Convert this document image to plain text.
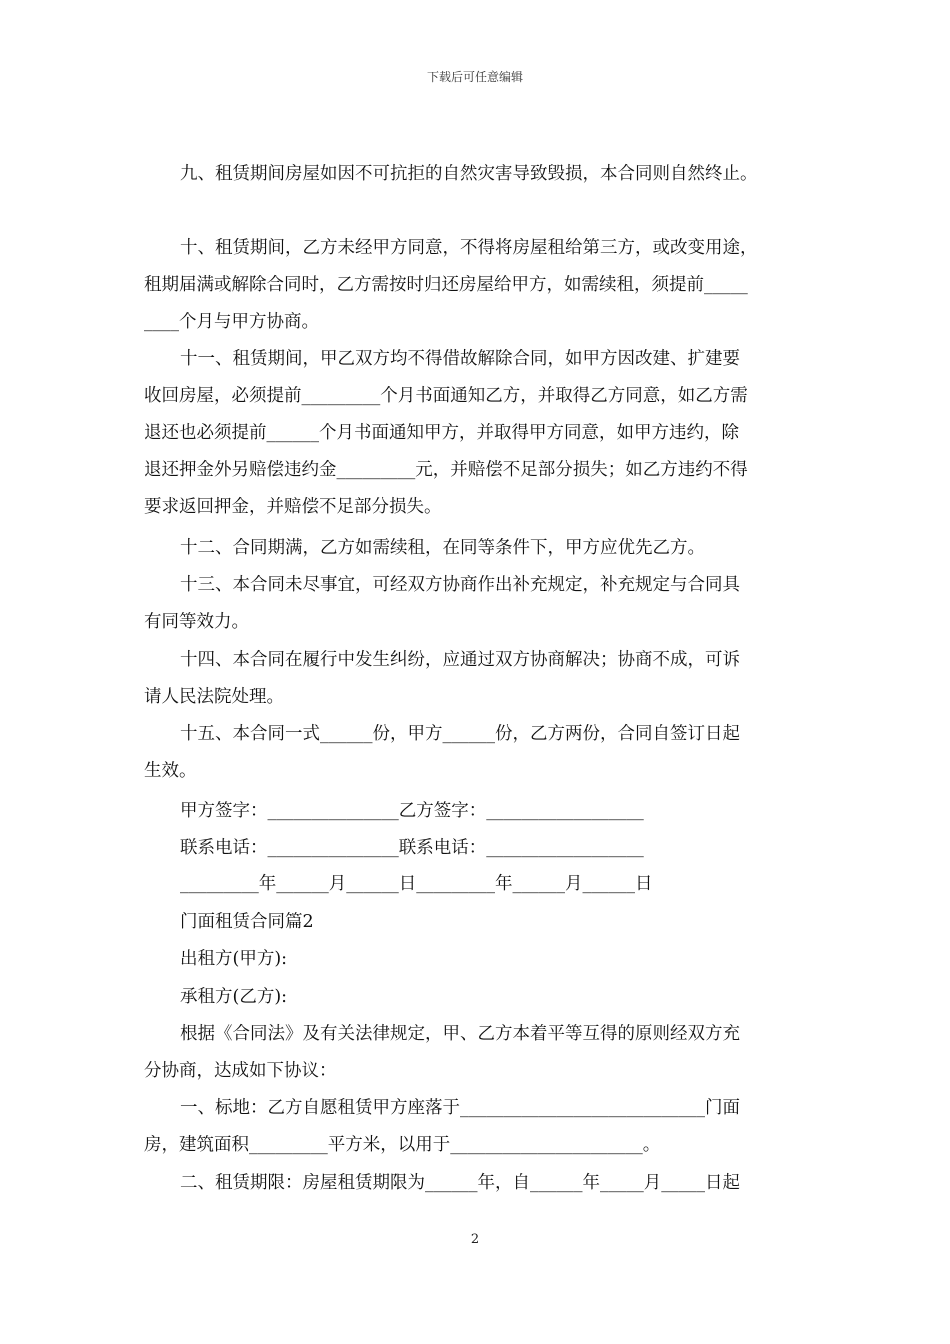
下载后可任意编辑
九、租赁期间房屋如因不可抗拒的自然灾害导致毁损，本合同则自然终止。
十、租赁期间，乙方未经甲方同意，不得将房屋租给第三方，或改变用途，
租期届满或解除合同时，乙方需按时归还房屋给甲方，如需续租，须提前_____
____个月与甲方协商。
十一、租赁期间，甲乙双方均不得借故解除合同，如甲方因改建、扩建要
收回房屋，必须提前_________个月书面通知乙方，并取得乙方同意，如乙方需
退还也必须提前______个月书面通知甲方，并取得甲方同意，如甲方违约，除
退还押金外另赔偿违约金_________元，并赔偿不足部分损失；如乙方违约不得
要求返回押金，并赔偿不足部分损失。
十二、合同期满，乙方如需续租，在同等条件下，甲方应优先乙方。
十三、本合同未尽事宜，可经双方协商作出补充规定，补充规定与合同具
有同等效力。
十四、本合同在履行中发生纠纷，应通过双方协商解决；协商不成，可诉
请人民法院处理。
十五、本合同一式______份，甲方______份，乙方两份，合同自签订日起
生效。
甲方签字：_______________乙方签字：__________________
联系电话：_______________联系电话：__________________
_________年______月______日_________年______月______日
门面租赁合同篇2
出租方(甲方):
承租方(乙方):
根据《合同法》及有关法律规定，甲、乙方本着平等互得的原则经双方充
分协商，达成如下协议：
一、标地：乙方自愿租赁甲方座落于____________________________门面
房，建筑面积_________平方米，以用于______________________。
二、租赁期限：房屋租赁期限为______年，自______年_____月_____日起
2
